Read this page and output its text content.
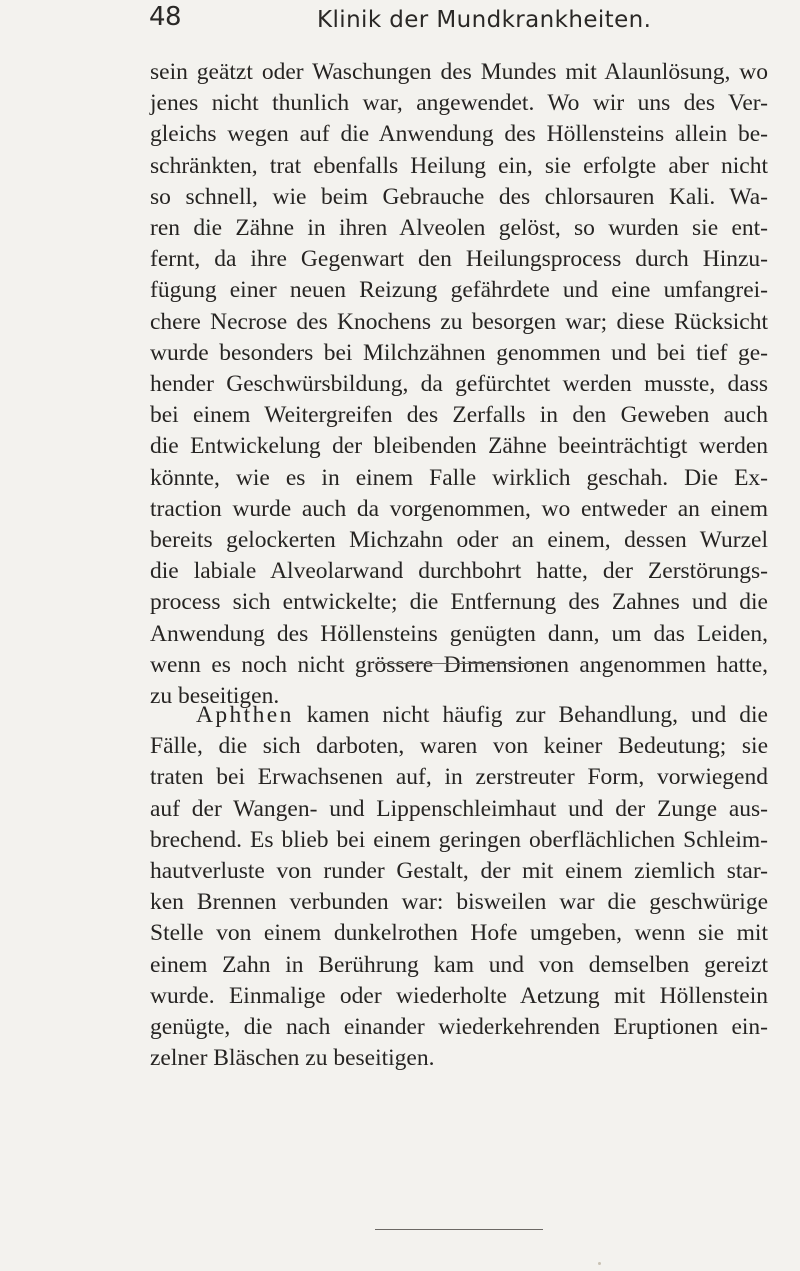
48	Klinik der Mundkrankheiten.

sein geätzt oder Waschungen des Mundes mit Alaunlösung, wo
jenes nicht thunlich war, angewendet. Wo wir uns des Ver-
gleichs wegen auf die Anwendung des Höllensteins allein be-
schränkten, trat ebenfalls Heilung ein, sie erfolgte aber nicht
so schnell, wie beim Gebrauche des chlorsauren Kali. Wa-
ren die Zähne in ihren Alveolen gelöst, so wurden sie ent-
fernt, da ihre Gegenwart den Heilungsprocess durch Hinzu-
fügung einer neuen Reizung gefährdete und eine umfangrei-
chere Necrose des Knochens zu besorgen war; diese Rücksicht
wurde besonders bei Milchzähnen genommen und bei tief ge-
hender Geschwürsbildung, da gefürchtet werden musste, dass
bei einem Weitergreifen des Zerfalls in den Geweben auch
die Entwickelung der bleibenden Zähne beeinträchtigt werden
könnte, wie es in einem Falle wirklich geschah. Die Ex-
traction wurde auch da vorgenommen, wo entweder an einem
bereits gelockerten Michzahn oder an einem, dessen Wurzel
die labiale Alveolarwand durchbohrt hatte, der Zerstörungs-
process sich entwickelte; die Entfernung des Zahnes und die
Anwendung des Höllensteins genügten dann, um das Leiden,
wenn es noch nicht grössere Dimensionen angenommen hatte,
zu beseitigen.

Aphthen kamen nicht häufig zur Behandlung, und die
Fälle, die sich darboten, waren von keiner Bedeutung; sie
traten bei Erwachsenen auf, in zerstreuter Form, vorwiegend
auf der Wangen- und Lippenschleimhaut und der Zunge aus-
brechend. Es blieb bei einem geringen oberflächlichen Schleim-
hautverluste von runder Gestalt, der mit einem ziemlich star-
ken Brennen verbunden war: bisweilen war die geschwürige
Stelle von einem dunkelrothen Hofe umgeben, wenn sie mit
einem Zahn in Berührung kam und von demselben gereizt
wurde. Einmalige oder wiederholte Aetzung mit Höllenstein
genügte, die nach einander wiederkehrenden Eruptionen ein-
zelner Bläschen zu beseitigen.
